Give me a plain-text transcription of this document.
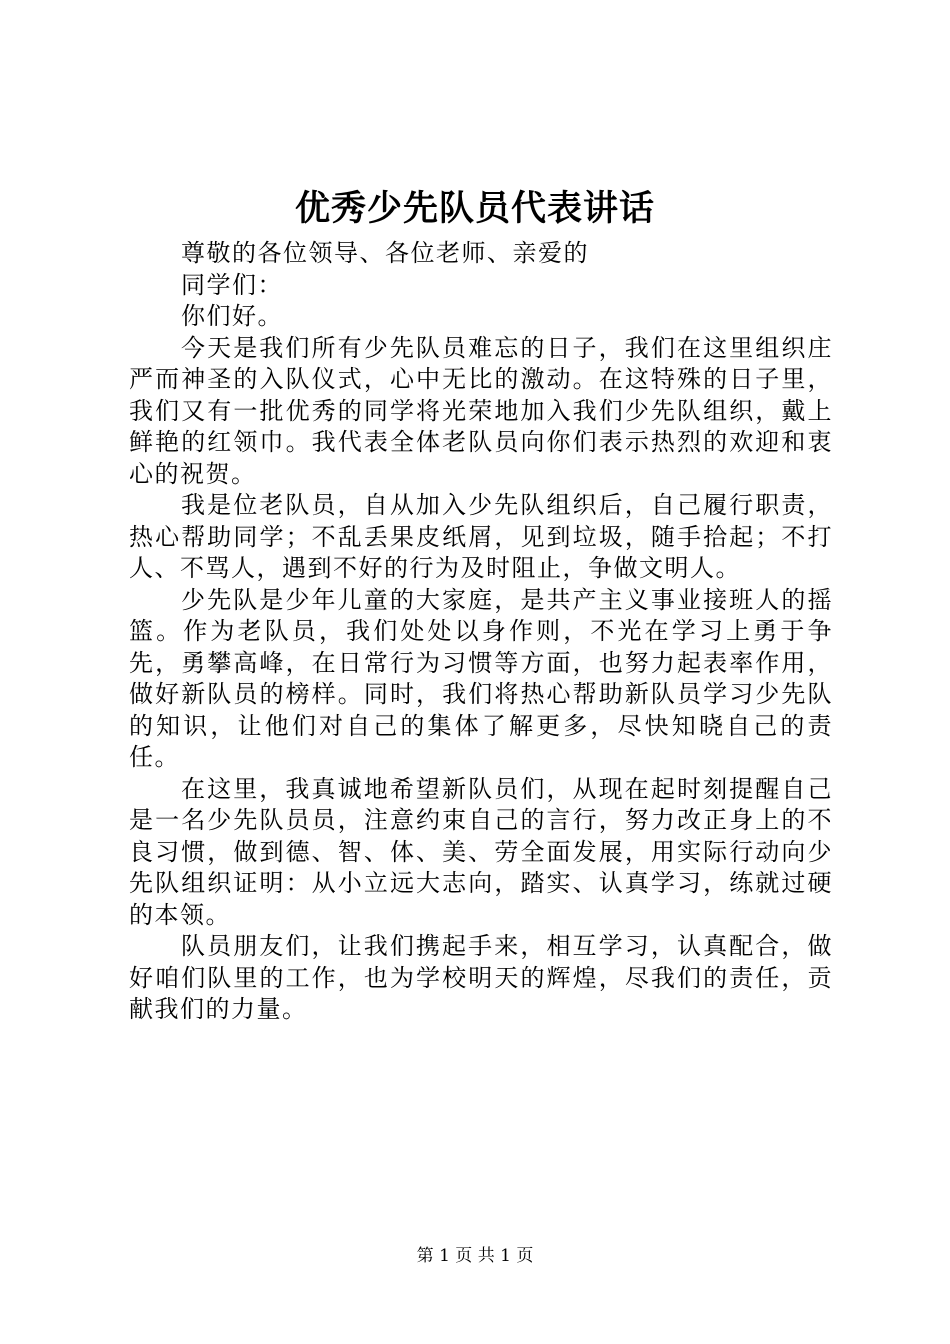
优秀少先队员代表讲话

尊敬的各位领导、各位老师、亲爱的

同学们：

你们好。

今天是我们所有少先队员难忘的日子，我们在这里组织庄严而神圣的入队仪式，心中无比的激动。在这特殊的日子里，我们又有一批优秀的同学将光荣地加入我们少先队组织，戴上鲜艳的红领巾。我代表全体老队员向你们表示热烈的欢迎和衷心的祝贺。

我是位老队员，自从加入少先队组织后，自己履行职责，热心帮助同学；不乱丢果皮纸屑，见到垃圾，随手拾起；不打人、不骂人，遇到不好的行为及时阻止，争做文明人。

少先队是少年儿童的大家庭，是共产主义事业接班人的摇篮。作为老队员，我们处处以身作则，不光在学习上勇于争先，勇攀高峰，在日常行为习惯等方面，也努力起表率作用，做好新队员的榜样。同时，我们将热心帮助新队员学习少先队的知识，让他们对自己的集体了解更多，尽快知晓自己的责任。

在这里，我真诚地希望新队员们，从现在起时刻提醒自己是一名少先队员员，注意约束自己的言行，努力改正身上的不良习惯，做到德、智、体、美、劳全面发展，用实际行动向少先队组织证明：从小立远大志向，踏实、认真学习，练就过硬的本领。

队员朋友们，让我们携起手来，相互学习，认真配合，做好咱们队里的工作，也为学校明天的辉煌，尽我们的责任，贡献我们的力量。

第 1 页 共 1 页
